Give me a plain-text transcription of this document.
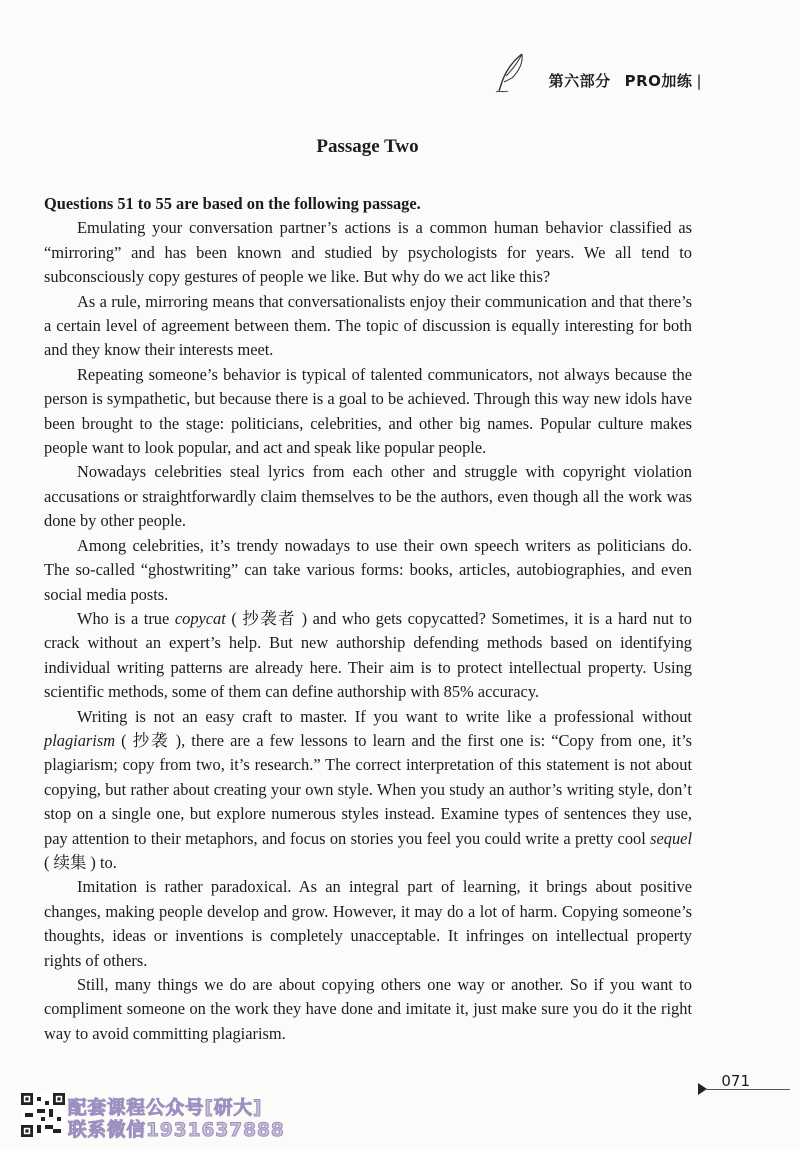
第六部分 PRO加练 |
Passage Two

Questions 51 to 55 are based on the following passage.

Emulating your conversation partner’s actions is a common human behavior classified as “mirroring” and has been known and studied by psychologists for years. We all tend to subconsciously copy gestures of people we like. But why do we act like this?

As a rule, mirroring means that conversationalists enjoy their communication and that there’s a certain level of agreement between them. The topic of discussion is equally interesting for both and they know their interests meet.

Repeating someone’s behavior is typical of talented communicators, not always because the person is sympathetic, but because there is a goal to be achieved. Through this way new idols have been brought to the stage: politicians, celebrities, and other big names. Popular culture makes people want to look popular, and act and speak like popular people.

Nowadays celebrities steal lyrics from each other and struggle with copyright violation accusations or straightforwardly claim themselves to be the authors, even though all the work was done by other people.

Among celebrities, it’s trendy nowadays to use their own speech writers as politicians do. The so-called “ghostwriting” can take various forms: books, articles, autobiographies, and even social media posts.

Who is a true copycat ( 抄袭者 ) and who gets copycatted? Sometimes, it is a hard nut to crack without an expert’s help. But new authorship defending methods based on identifying individual writing patterns are already here. Their aim is to protect intellectual property. Using scientific methods, some of them can define authorship with 85% accuracy.

Writing is not an easy craft to master. If you want to write like a professional without plagiarism ( 抄袭 ), there are a few lessons to learn and the first one is: “Copy from one, it’s plagiarism; copy from two, it’s research.” The correct interpretation of this statement is not about copying, but rather about creating your own style. When you study an author’s writing style, don’t stop on a single one, but explore numerous styles instead. Examine types of sentences they use, pay attention to their metaphors, and focus on stories you feel you could write a pretty cool sequel ( 续集 ) to.

Imitation is rather paradoxical. As an integral part of learning, it brings about positive changes, making people develop and grow. However, it may do a lot of harm. Copying someone’s thoughts, ideas or inventions is completely unacceptable. It infringes on intellectual property rights of others.

Still, many things we do are about copying others one way or another. So if you want to compliment someone on the work they have done and imitate it, just make sure you do it the right way to avoid committing plagiarism.

071
配套课程公众号[研大]
联系微信1931637888
